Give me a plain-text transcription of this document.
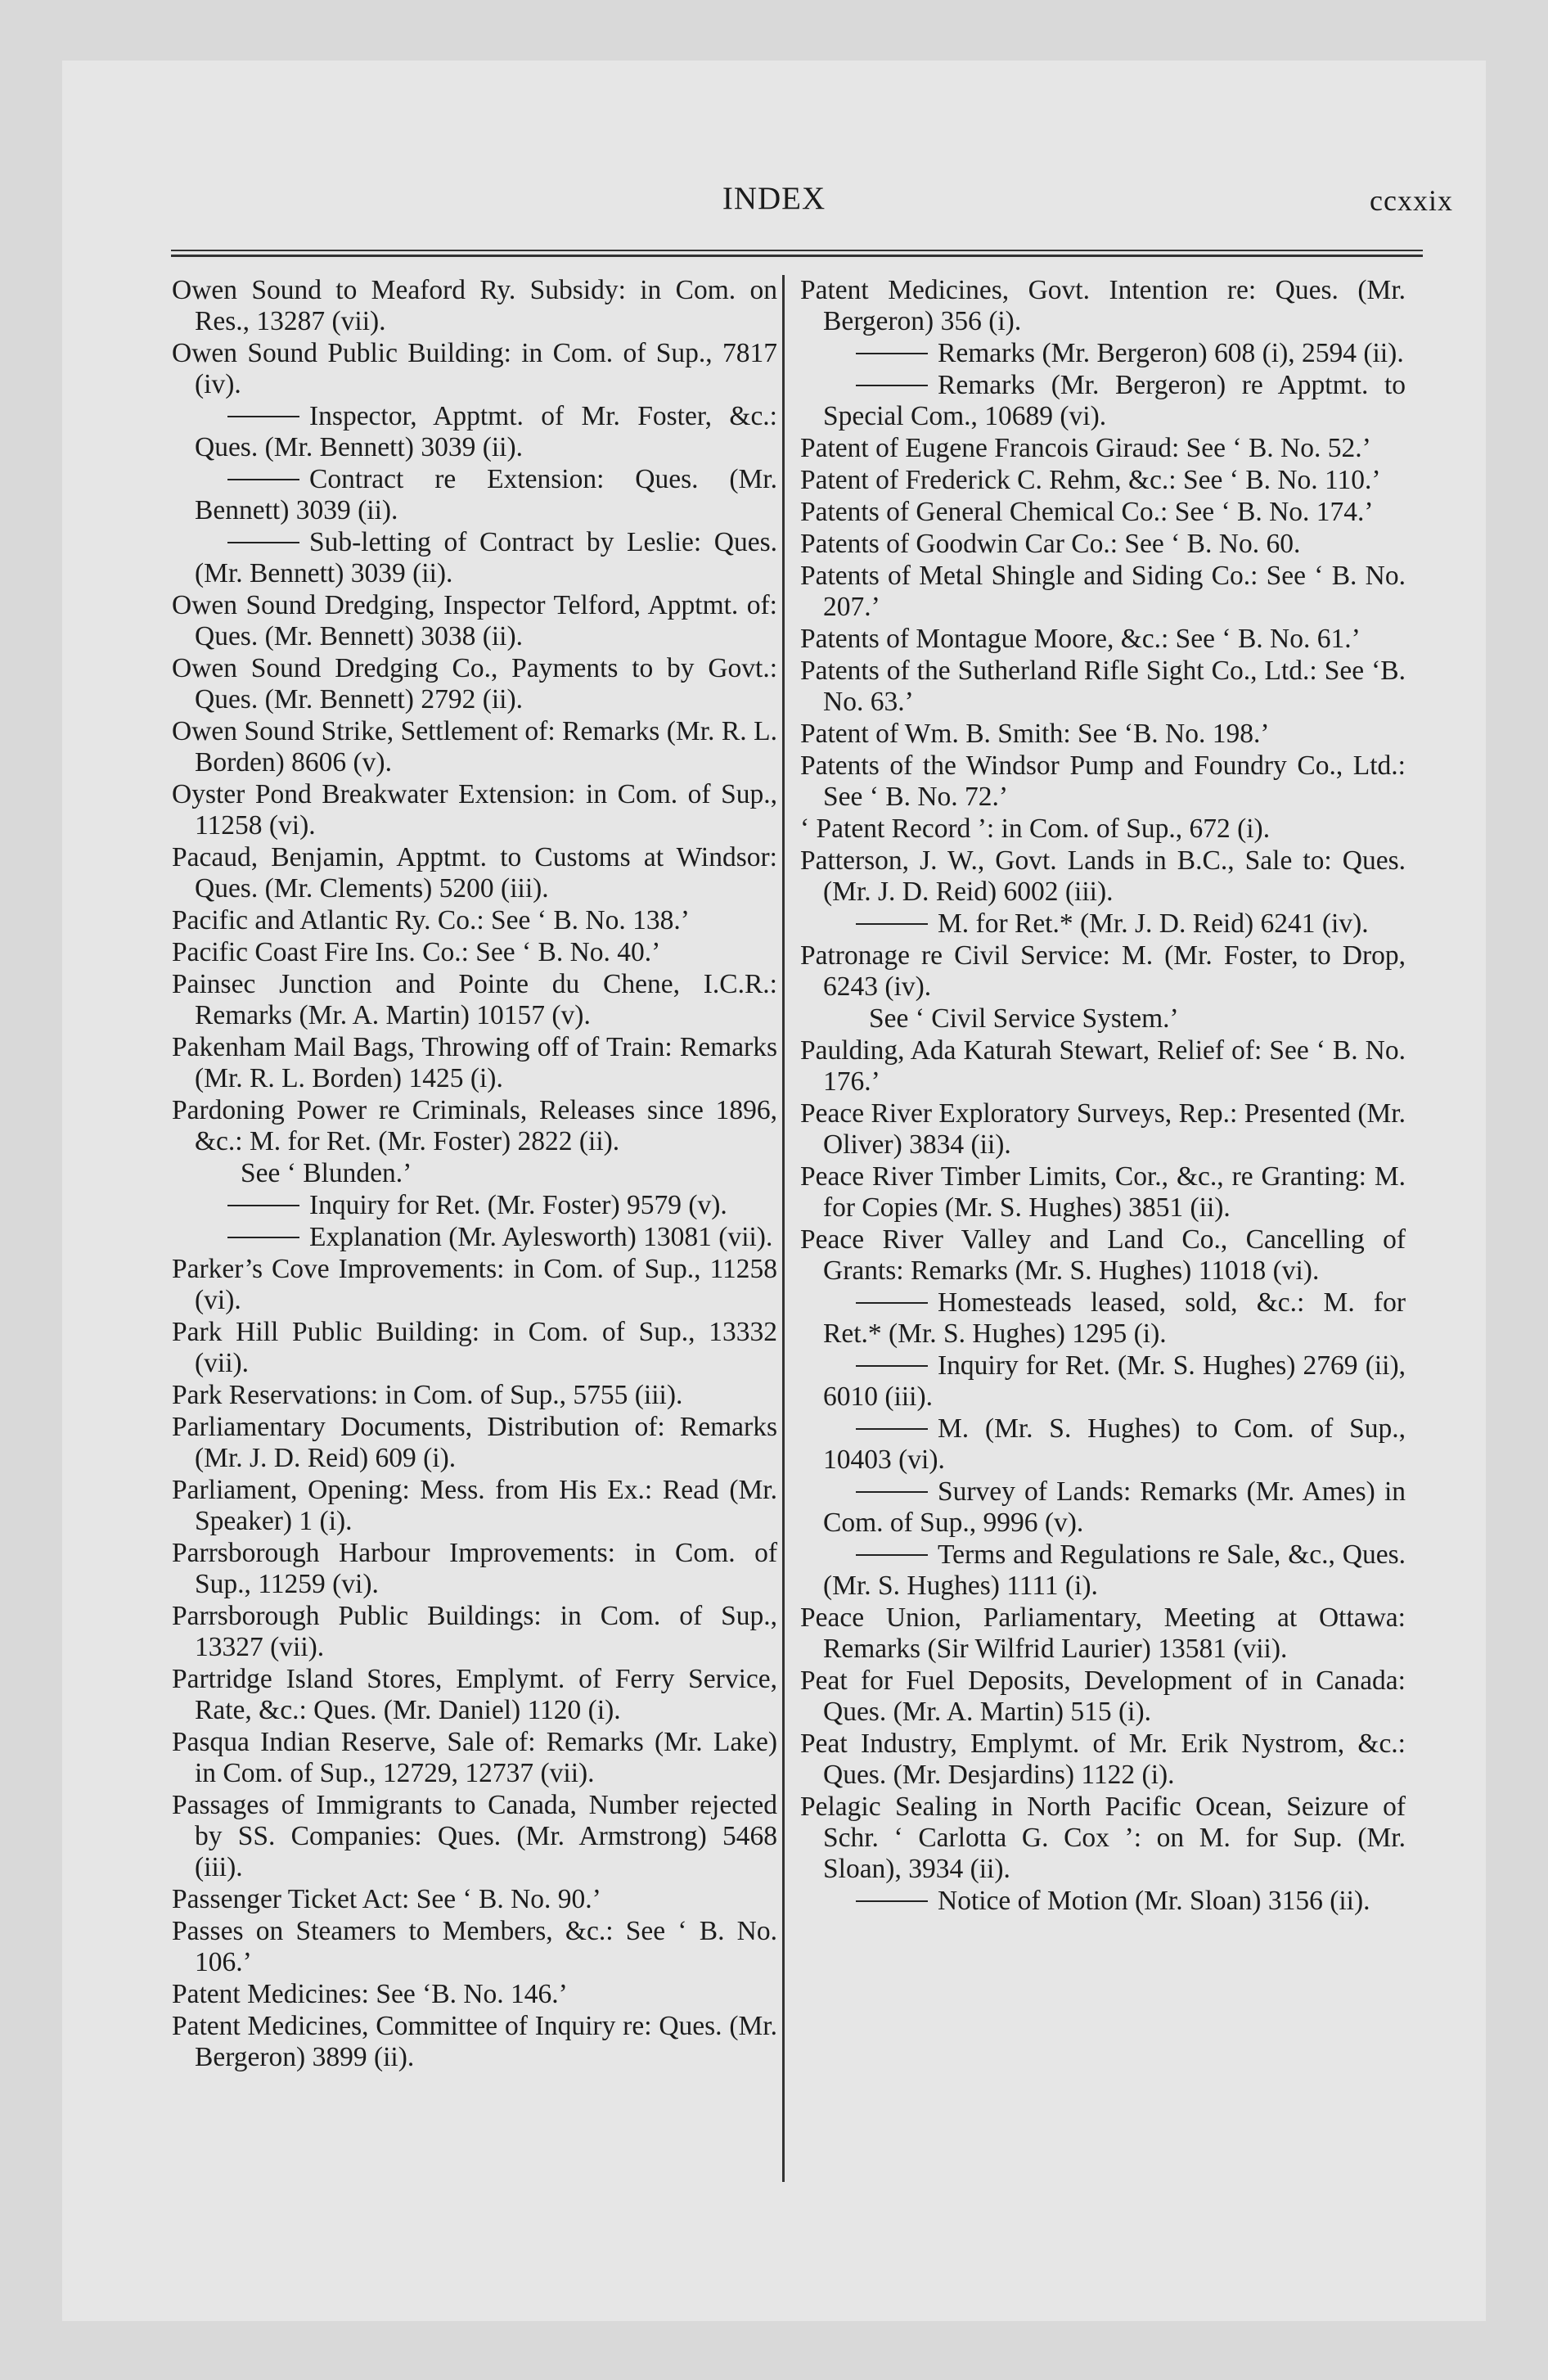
INDEX	ccxxix
Owen Sound to Meaford Ry. Subsidy: in Com. on Res., 13287 (vii).
Owen Sound Public Building: in Com. of Sup., 7817 (iv).
Inspector, Apptmt. of Mr. Foster, &c.: Ques. (Mr. Bennett) 3039 (ii).
Contract re Extension: Ques. (Mr. Bennett) 3039 (ii).
Sub-letting of Contract by Leslie: Ques. (Mr. Bennett) 3039 (ii).
Owen Sound Dredging, Inspector Telford, Apptmt. of: Ques. (Mr. Bennett) 3038 (ii).
Owen Sound Dredging Co., Payments to by Govt.: Ques. (Mr. Bennett) 2792 (ii).
Owen Sound Strike, Settlement of: Remarks (Mr. R. L. Borden) 8606 (v).
Oyster Pond Breakwater Extension: in Com. of Sup., 11258 (vi).
Pacaud, Benjamin, Apptmt. to Customs at Windsor: Ques. (Mr. Clements) 5200 (iii).
Pacific and Atlantic Ry. Co.: See ‘ B. No. 138.’
Pacific Coast Fire Ins. Co.: See ‘ B. No. 40.’
Painsec Junction and Pointe du Chene, I.C.R.: Remarks (Mr. A. Martin) 10157 (v).
Pakenham Mail Bags, Throwing off of Train: Remarks (Mr. R. L. Borden) 1425 (i).
Pardoning Power re Criminals, Releases since 1896, &c.: M. for Ret. (Mr. Foster) 2822 (ii).
See ‘ Blunden.’
Inquiry for Ret. (Mr. Foster) 9579 (v).
Explanation (Mr. Aylesworth) 13081 (vii).
Parker’s Cove Improvements: in Com. of Sup., 11258 (vi).
Park Hill Public Building: in Com. of Sup., 13332 (vii).
Park Reservations: in Com. of Sup., 5755 (iii).
Parliamentary Documents, Distribution of: Remarks (Mr. J. D. Reid) 609 (i).
Parliament, Opening: Mess. from His Ex.: Read (Mr. Speaker) 1 (i).
Parrsborough Harbour Improvements: in Com. of Sup., 11259 (vi).
Parrsborough Public Buildings: in Com. of Sup., 13327 (vii).
Partridge Island Stores, Emplymt. of Ferry Service, Rate, &c.: Ques. (Mr. Daniel) 1120 (i).
Pasqua Indian Reserve, Sale of: Remarks (Mr. Lake) in Com. of Sup., 12729, 12737 (vii).
Passages of Immigrants to Canada, Number rejected by SS. Companies: Ques. (Mr. Armstrong) 5468 (iii).
Passenger Ticket Act: See ‘ B. No. 90.’
Passes on Steamers to Members, &c.: See ‘ B. No. 106.’
Patent Medicines: See ‘B. No. 146.’
Patent Medicines, Committee of Inquiry re: Ques. (Mr. Bergeron) 3899 (ii).
Patent Medicines, Govt. Intention re: Ques. (Mr. Bergeron) 356 (i).
Remarks (Mr. Bergeron) 608 (i), 2594 (ii).
Remarks (Mr. Bergeron) re Apptmt. to Special Com., 10689 (vi).
Patent of Eugene Francois Giraud: See ‘ B. No. 52.’
Patent of Frederick C. Rehm, &c.: See ‘ B. No. 110.’
Patents of General Chemical Co.: See ‘ B. No. 174.’
Patents of Goodwin Car Co.: See ‘ B. No. 60.
Patents of Metal Shingle and Siding Co.: See ‘ B. No. 207.’
Patents of Montague Moore, &c.: See ‘ B. No. 61.’
Patents of the Sutherland Rifle Sight Co., Ltd.: See ‘B. No. 63.’
Patent of Wm. B. Smith: See ‘B. No. 198.’
Patents of the Windsor Pump and Foundry Co., Ltd.: See ‘ B. No. 72.’
‘ Patent Record ’: in Com. of Sup., 672 (i).
Patterson, J. W., Govt. Lands in B.C., Sale to: Ques. (Mr. J. D. Reid) 6002 (iii).
M. for Ret.* (Mr. J. D. Reid) 6241 (iv).
Patronage re Civil Service: M. (Mr. Foster, to Drop, 6243 (iv).
See ‘ Civil Service System.’
Paulding, Ada Katurah Stewart, Relief of: See ‘ B. No. 176.’
Peace River Exploratory Surveys, Rep.: Presented (Mr. Oliver) 3834 (ii).
Peace River Timber Limits, Cor., &c., re Granting: M. for Copies (Mr. S. Hughes) 3851 (ii).
Peace River Valley and Land Co., Cancelling of Grants: Remarks (Mr. S. Hughes) 11018 (vi).
Homesteads leased, sold, &c.: M. for Ret.* (Mr. S. Hughes) 1295 (i).
Inquiry for Ret. (Mr. S. Hughes) 2769 (ii), 6010 (iii).
M. (Mr. S. Hughes) to Com. of Sup., 10403 (vi).
Survey of Lands: Remarks (Mr. Ames) in Com. of Sup., 9996 (v).
Terms and Regulations re Sale, &c., Ques. (Mr. S. Hughes) 1111 (i).
Peace Union, Parliamentary, Meeting at Ottawa: Remarks (Sir Wilfrid Laurier) 13581 (vii).
Peat for Fuel Deposits, Development of in Canada: Ques. (Mr. A. Martin) 515 (i).
Peat Industry, Emplymt. of Mr. Erik Nystrom, &c.: Ques. (Mr. Desjardins) 1122 (i).
Pelagic Sealing in North Pacific Ocean, Seizure of Schr. ‘ Carlotta G. Cox ’: on M. for Sup. (Mr. Sloan), 3934 (ii).
Notice of Motion (Mr. Sloan) 3156 (ii).
